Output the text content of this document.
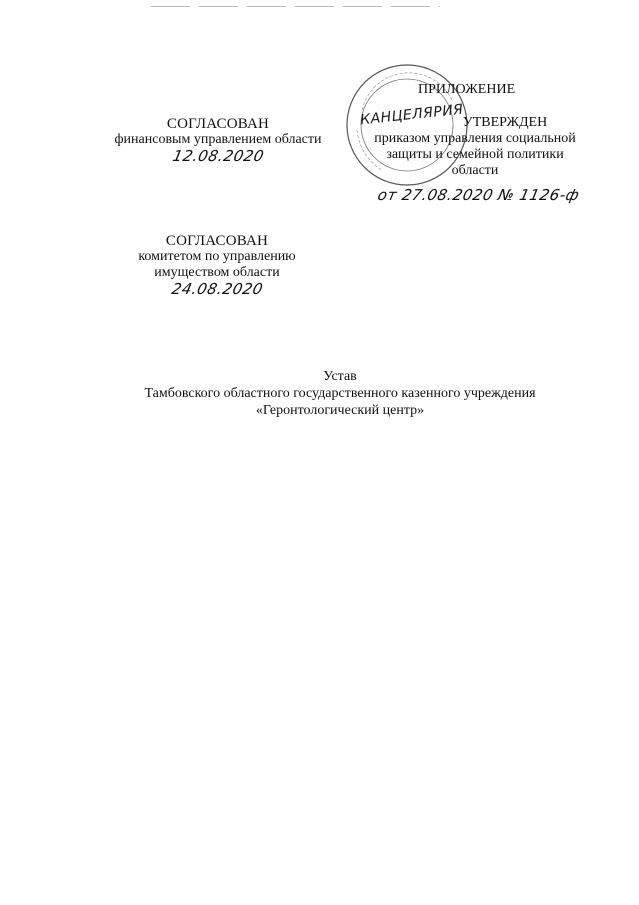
СОГЛАСОВАН
финансовым управлением области
12.08.2020
СОГЛАСОВАН
комитетом по управлению
имуществом области
24.08.2020
ПРИЛОЖЕНИЕ
КАНЦЕЛЯРИЯ
УТВЕРЖДЕН
приказом управления социальной
защиты и семейной политики
области
от 27.08.2020 № 1126-ф
Устав
Тамбовского областного государственного казенного учреждения
«Геронтологический центр»
